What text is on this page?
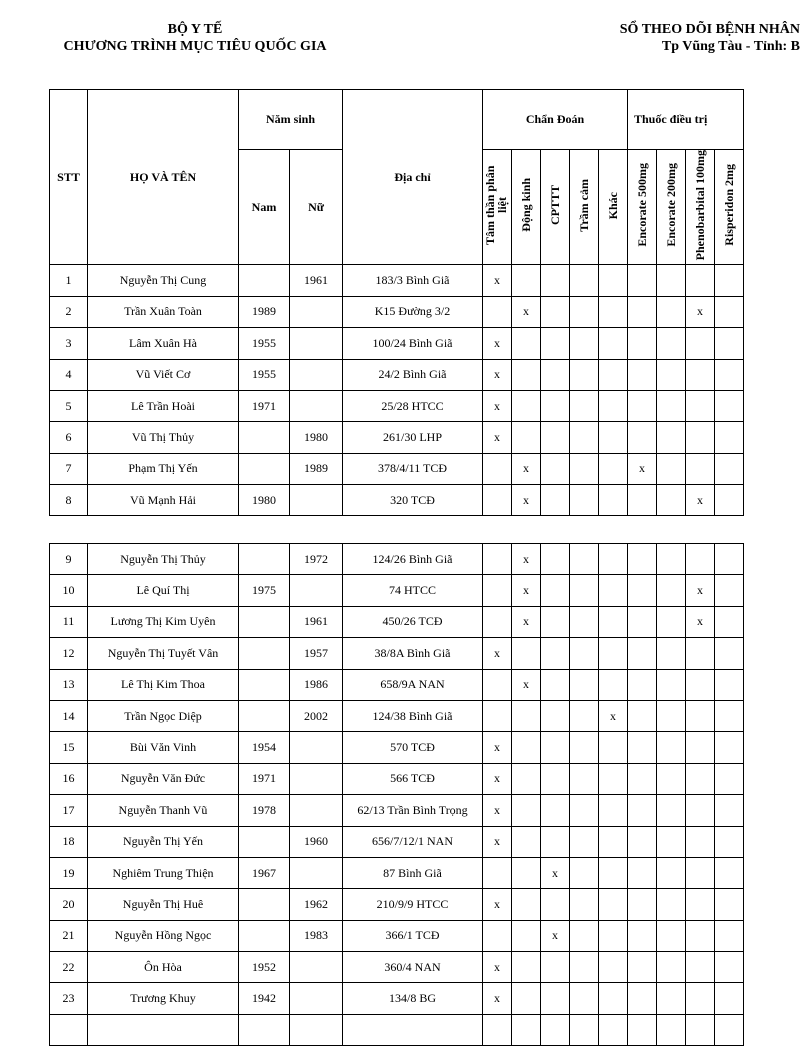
BỘ Y TẾ
CHƯƠNG TRÌNH MỤC TIÊU QUỐC GIA
SỔ THEO DÕI BỆNH NHÂN
Tp Vũng Tàu - Tỉnh: B
STT	HỌ VÀ TÊN	Năm sinh		Địa chỉ	Chẩn Đoán					Thuốc điều trị			
		Nam	Nữ		Tâm thần phân liệt	Động kinh	CPTTT	Trầm cảm	Khác	Encorate 500mg	Encorate 200mg	Phenobarbital 100mg	Risperidon 2mg
1	Nguyễn Thị Cung		1961	183/3 Bình Giã	x								
2	Trần Xuân Toàn	1989		K15 Đường 3/2		x						x	
3	Lâm Xuân Hà	1955		100/24 Bình Giã	x								
4	Vũ Viết Cơ	1955		24/2 Bình Giã	x								
5	Lê Trần Hoài	1971		25/28 HTCC	x								
6	Vũ Thị Thủy		1980	261/30 LHP	x								
7	Phạm Thị Yến		1989	378/4/11 TCĐ		x				x			
8	Vũ Mạnh Hải	1980		320 TCĐ		x						x	
9	Nguyễn Thị Thủy		1972	124/26 Bình Giã		x							
10	Lê Quí Thị	1975		74 HTCC		x						x	
11	Lương Thị Kim Uyên		1961	450/26 TCĐ		x						x	
12	Nguyễn Thị Tuyết Vân		1957	38/8A Bình Giã	x								
13	Lê Thị Kim Thoa		1986	658/9A NAN		x							
14	Trần Ngọc Diệp		2002	124/38 Bình Giã					x				
15	Bùi Văn Vinh	1954		570 TCĐ	x								
16	Nguyễn Văn Đức	1971		566 TCĐ	x								
17	Nguyễn Thanh Vũ	1978		62/13 Trần Bình Trọng	x								
18	Nguyễn Thị Yến		1960	656/7/12/1 NAN	x								
19	Nghiêm Trung Thiện	1967		87 Bình Giã			x						
20	Nguyễn Thị Huê		1962	210/9/9 HTCC	x								
21	Nguyễn Hồng Ngọc		1983	366/1 TCĐ			x						
22	Ôn Hòa	1952		360/4 NAN	x								
23	Trương Khuy	1942		134/8 BG	x								
